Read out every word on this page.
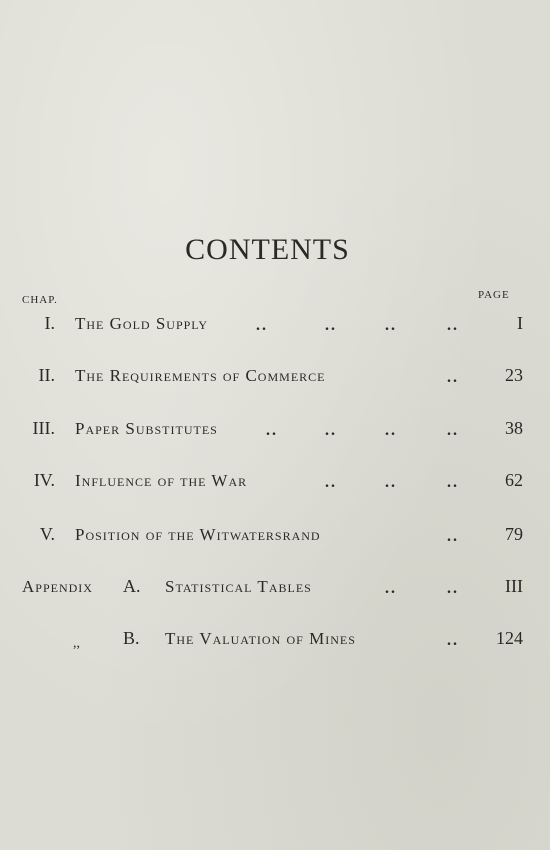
CONTENTS
CHAP.	PAGE
I. The Gold Supply	..	..	..	..	I
II. The Requirements of Commerce	..	23
III. Paper Substitutes	..	..	..	..	38
IV. Influence of the War	..	..	..	62
V. Position of the Witwatersrand	..	79
Appendix A. Statistical Tables	..	..	III
,, B. The Valuation of Mines	.. 124
